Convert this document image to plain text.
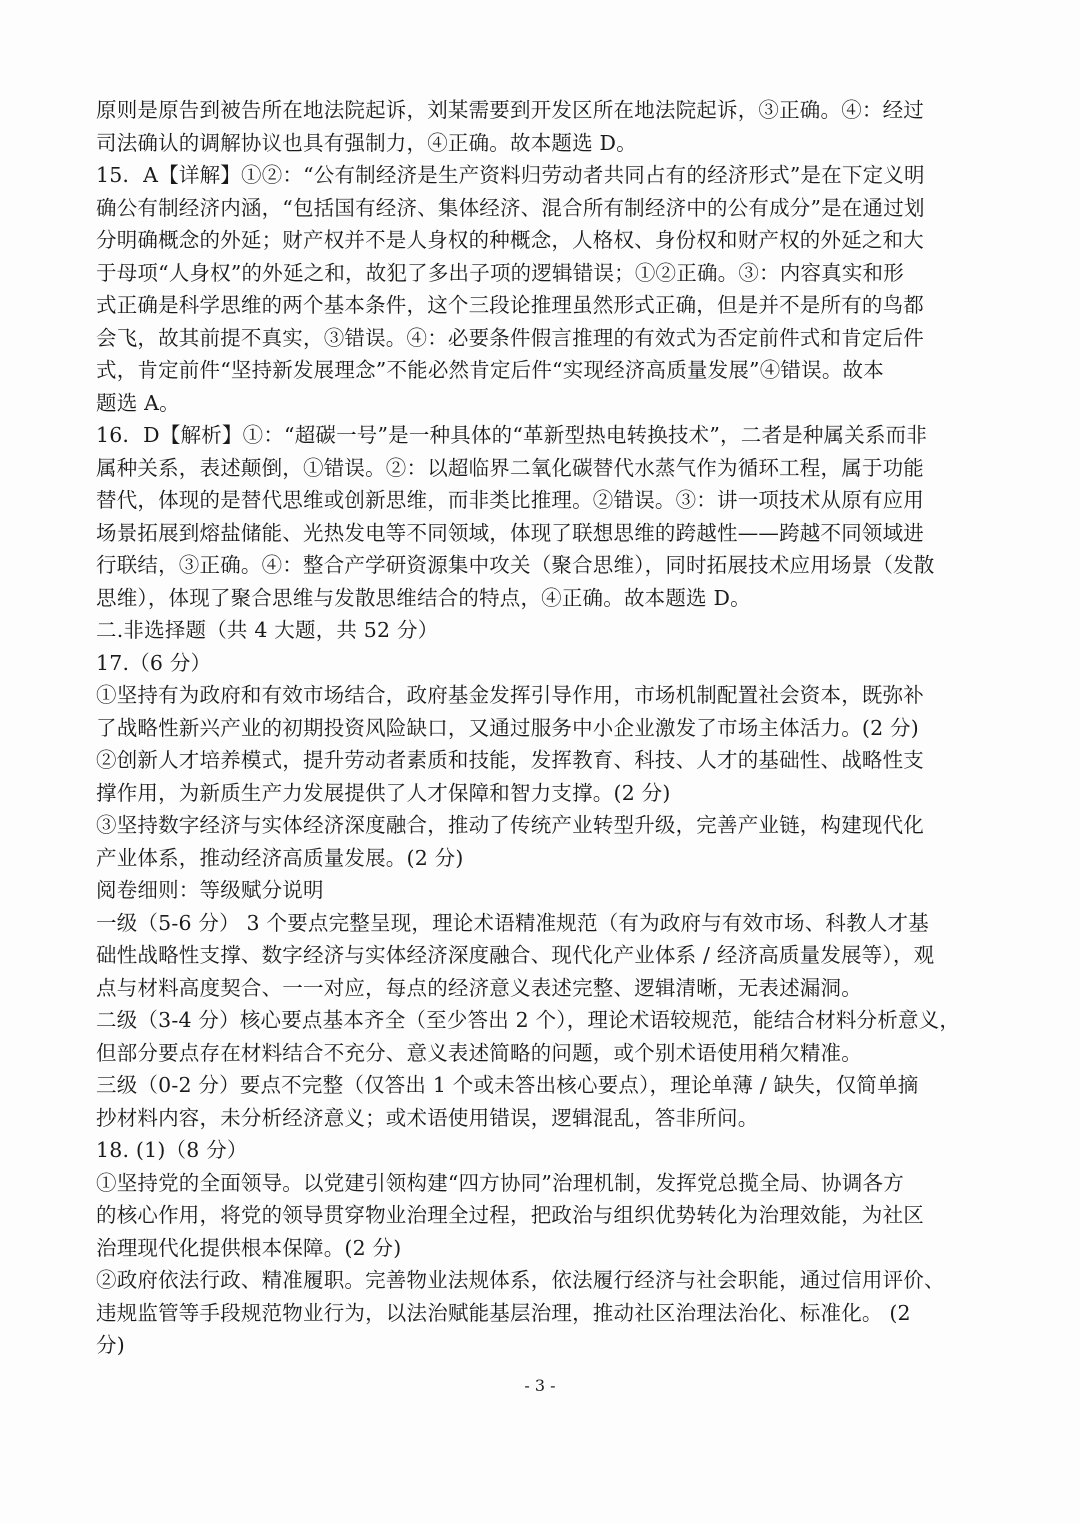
原则是原告到被告所在地法院起诉，刘某需要到开发区所在地法院起诉，③正确。④：经过
司法确认的调解协议也具有强制力，④正确。故本题选 D。
15．A【详解】①②：“公有制经济是生产资料归劳动者共同占有的经济形式”是在下定义明
确公有制经济内涵，“包括国有经济、集体经济、混合所有制经济中的公有成分”是在通过划
分明确概念的外延；财产权并不是人身权的种概念，人格权、身份权和财产权的外延之和大
于母项“人身权”的外延之和，故犯了多出子项的逻辑错误；①②正确。③：内容真实和形
式正确是科学思维的两个基本条件，这个三段论推理虽然形式正确，但是并不是所有的鸟都
会飞，故其前提不真实，③错误。④：必要条件假言推理的有效式为否定前件式和肯定后件
式，肯定前件“坚持新发展理念”不能必然肯定后件“实现经济高质量发展”④错误。故本
题选 A。
16．D【解析】①：“超碳一号”是一种具体的“革新型热电转换技术”，二者是种属关系而非
属种关系，表述颠倒，①错误。②：以超临界二氧化碳替代水蒸气作为循环工程，属于功能
替代，体现的是替代思维或创新思维，而非类比推理。②错误。③：讲一项技术从原有应用
场景拓展到熔盐储能、光热发电等不同领域，体现了联想思维的跨越性——跨越不同领域进
行联结，③正确。④：整合产学研资源集中攻关（聚合思维），同时拓展技术应用场景（发散
思维），体现了聚合思维与发散思维结合的特点，④正确。故本题选 D。
二.非选择题（共 4 大题，共 52 分）
17.（6 分）
①坚持有为政府和有效市场结合，政府基金发挥引导作用，市场机制配置社会资本，既弥补
了战略性新兴产业的初期投资风险缺口，又通过服务中小企业激发了市场主体活力。(2 分)
②创新人才培养模式，提升劳动者素质和技能，发挥教育、科技、人才的基础性、战略性支
撑作用，为新质生产力发展提供了人才保障和智力支撑。(2 分)
③坚持数字经济与实体经济深度融合，推动了传统产业转型升级，完善产业链，构建现代化
产业体系，推动经济高质量发展。(2 分)
阅卷细则：等级赋分说明
一级（5-6 分） 3 个要点完整呈现，理论术语精准规范（有为政府与有效市场、科教人才基
础性战略性支撑、数字经济与实体经济深度融合、现代化产业体系 / 经济高质量发展等），观
点与材料高度契合、一一对应，每点的经济意义表述完整、逻辑清晰，无表述漏洞。
二级（3-4 分）核心要点基本齐全（至少答出 2 个），理论术语较规范，能结合材料分析意义，
但部分要点存在材料结合不充分、意义表述简略的问题，或个别术语使用稍欠精准。
三级（0-2 分）要点不完整（仅答出 1 个或未答出核心要点），理论单薄 / 缺失，仅简单摘
抄材料内容，未分析经济意义；或术语使用错误，逻辑混乱，答非所问。
18. (1)（8 分）
①坚持党的全面领导。以党建引领构建“四方协同”治理机制，发挥党总揽全局、协调各方
的核心作用，将党的领导贯穿物业治理全过程，把政治与组织优势转化为治理效能，为社区
治理现代化提供根本保障。(2 分)
②政府依法行政、精准履职。完善物业法规体系，依法履行经济与社会职能，通过信用评价、
违规监管等手段规范物业行为，以法治赋能基层治理，推动社区治理法治化、标准化。 (2
分)
- 3 -
